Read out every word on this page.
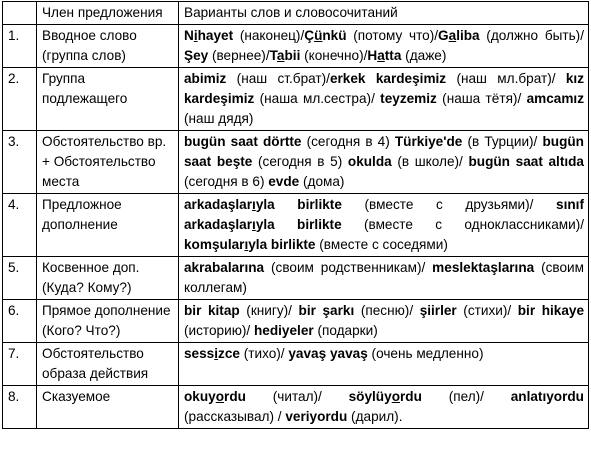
	Член предложения	Варианты слов и словосочитаний
1.	Вводное слово (группа слов)	Nihayet (наконец)/Çünkü (потому что)/Galiba (должно быть)/Şey (вернее)/Tabii (конечно)/Hatta (даже)
2.	Группа подлежащего	abimiz (наш ст.брат)/erkek kardeşimiz (наш мл.брат)/ kız kardeşimiz (наша мл.сестра)/ teyzemiz (наша тётя)/ amcamız (наш дядя)
3.	Обстоятельство вр. + Обстоятельство места	bugün saat dörtte (сегодня в 4) Türkiye'de (в Турции)/ bugün saat beşte (сегодня в 5) okulda (в школе)/ bugün saat altıda (сегодня в 6) evde (дома)
4.	Предложное дополнение	arkadaşlarıyla birlikte (вместе с друзьями)/ sınıf arkadaşlarıyla birlikte (вместе с одноклассниками)/ komşularıyla birlikte (вместе с соседями)
5.	Косвенное доп. (Куда? Кому?)	akrabalarına (своим родственникам)/ meslektaşlarına (своим коллегам)
6.	Прямое дополнение (Кого? Что?)	bir kitap (книгу)/ bir şarkı (песню)/ şiirler (стихи)/ bir hikaye (историю)/ hediyeler (подарки)
7.	Обстоятельство образа действия	sessizce (тихо)/ yavaş yavaş (очень медленно)
8.	Сказуемое	okuyordu (читал)/ söylüyordu (пел)/ anlatıyordu (рассказывал) / veriyordu (дарил).
